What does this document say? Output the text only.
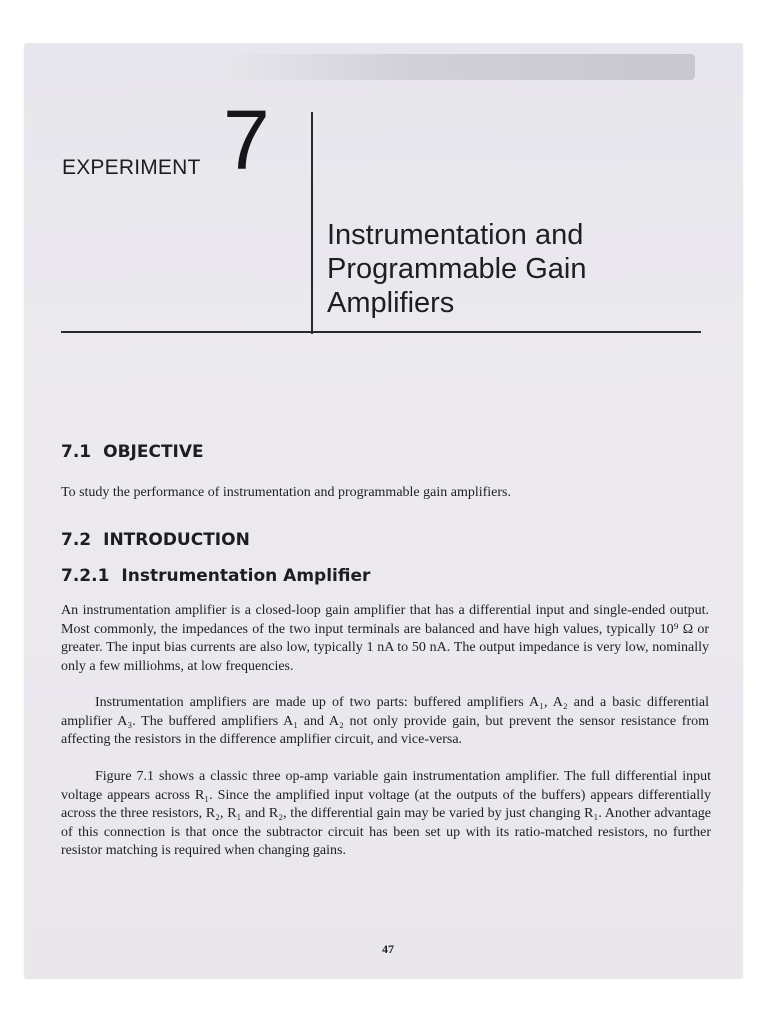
EXPERIMENT 7
Instrumentation and
Programmable Gain
Amplifiers
7.1 OBJECTIVE

To study the performance of instrumentation and programmable gain amplifiers.

7.2 INTRODUCTION
7.2.1 Instrumentation Amplifier

An instrumentation amplifier is a closed-loop gain amplifier that has a differential input and single-ended output. Most commonly, the impedances of the two input terminals are balanced and have high values, typically 10⁹ Ω or greater. The input bias currents are also low, typically 1 nA to 50 nA. The output impedance is very low, nominally only a few milliohms, at low frequencies.

Instrumentation amplifiers are made up of two parts: buffered amplifiers A₁, A₂ and a basic differential amplifier A₃. The buffered amplifiers A₁ and A₂ not only provide gain, but prevent the sensor resistance from affecting the resistors in the difference amplifier circuit, and vice-versa.

Figure 7.1 shows a classic three op-amp variable gain instrumentation amplifier. The full differential input voltage appears across R₁. Since the amplified input voltage (at the outputs of the buffers) appears differentially across the three resistors, R₂, R₁ and R₂, the differential gain may be varied by just changing R₁. Another advantage of this connection is that once the subtractor circuit has been set up with its ratio-matched resistors, no further resistor matching is required when changing gains.

47
